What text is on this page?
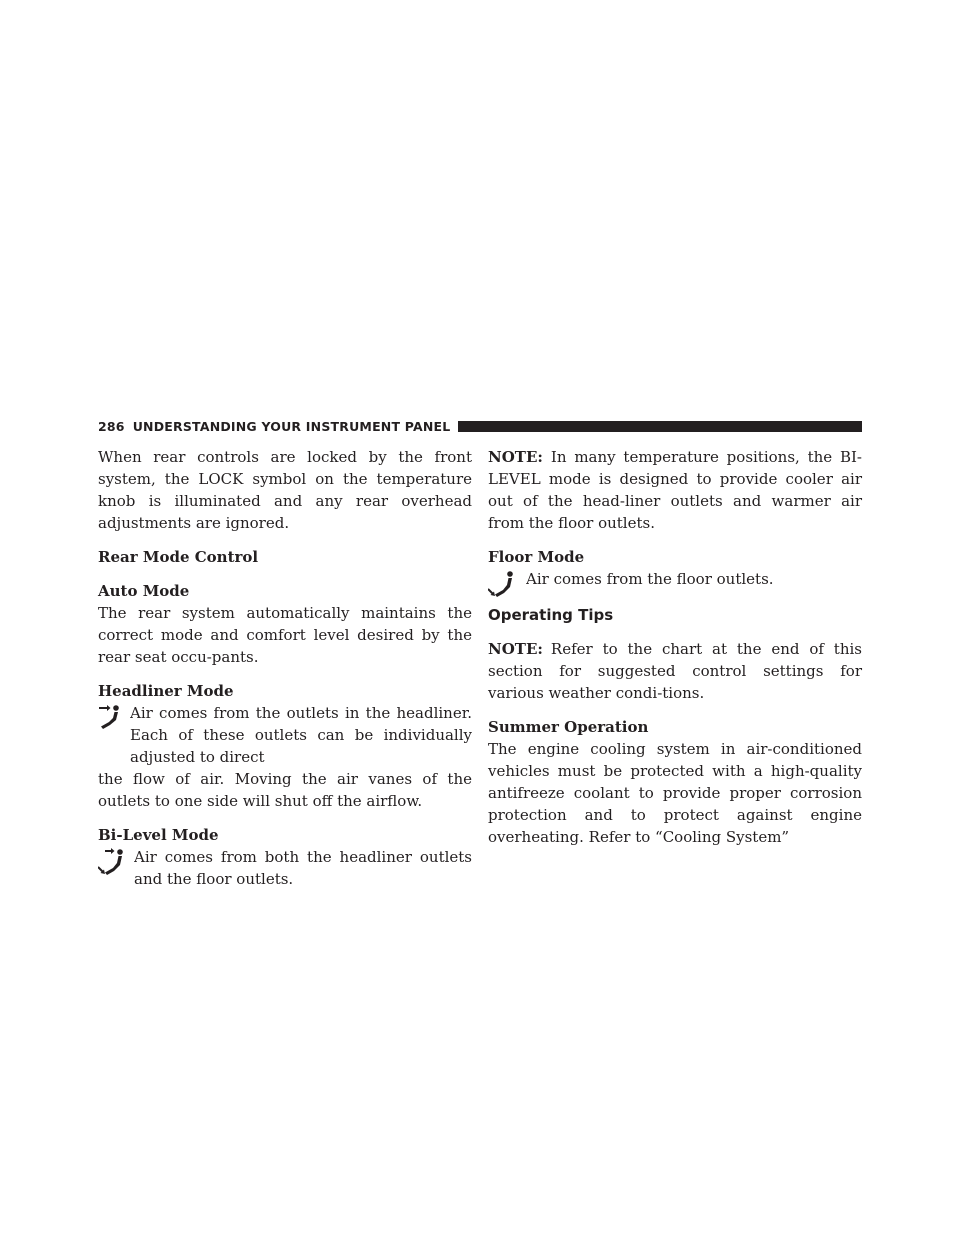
286 UNDERSTANDING YOUR INSTRUMENT PANEL

When rear controls are locked by the front system, the LOCK symbol on the temperature knob is illuminated and any rear overhead adjustments are ignored.

Rear Mode Control

Auto Mode

The rear system automatically maintains the correct mode and comfort level desired by the rear seat occu-pants.

Headliner Mode

Air comes from the outlets in the headliner. Each of these outlets can be individually adjusted to direct

the flow of air. Moving the air vanes of the outlets to one side will shut off the airflow.

Bi-Level Mode

Air comes from both the headliner outlets and the floor outlets.

NOTE: In many temperature positions, the BI-LEVEL mode is designed to provide cooler air out of the head-liner outlets and warmer air from the floor outlets.

Floor Mode

Air comes from the floor outlets.

Operating Tips

NOTE: Refer to the chart at the end of this section for suggested control settings for various weather condi-tions.

Summer Operation

The engine cooling system in air-conditioned vehicles must be protected with a high-quality antifreeze coolant to provide proper corrosion protection and to protect against engine overheating. Refer to “Cooling System”
